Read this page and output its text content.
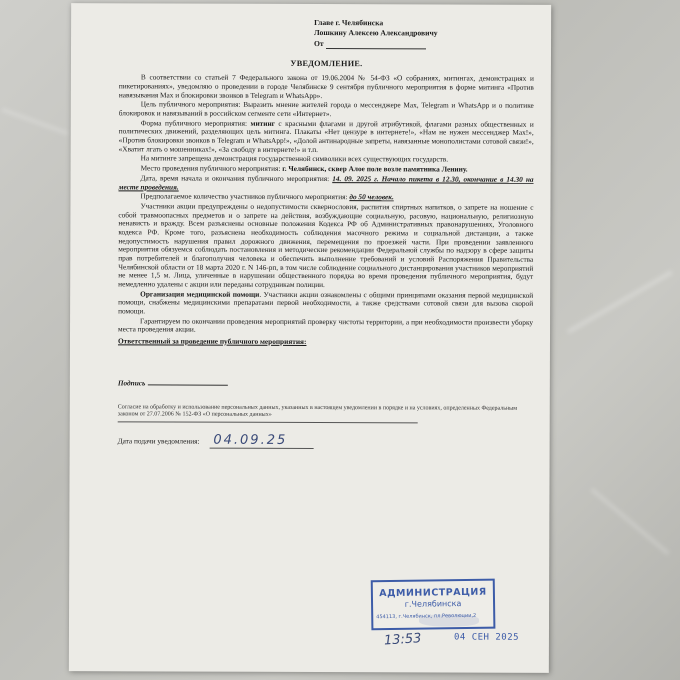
Главе г. Челябинска
Лошкину Алексею Александровичу
От
УВЕДОМЛЕНИЕ.

В соответствии со статьей 7 Федерального закона от 19.06.2004 № 54-ФЗ «О собраниях, митингах, демонстрациях и пикетированиях», уведомляю о проведении в городе Челябинске 9 сентября публичного мероприятия в форме митинга «Против навязывания Max и блокировки звонков в Telegram и WhatsApp».

Цель публичного мероприятия: Выразить мнение жителей города о мессенджере Max, Telegram и WhatsApp и о политике блокировок и навязываний в российском сегменте сети «Интернет».

Форма публичного мероприятия: митинг с красными флагами и другой атрибутикой, флагами разных общественных и политических движений, разделяющих цель митинга. Плакаты «Нет цензуре в интернете!», «Нам не нужен мессенджер Max!», «Против блокировки звонков в Telegram и WhatsApp!», «Долой антинародные запреты, навязанные монополистами сотовой связи!», «Хватит лгать о мошенниках!», «За свободу в интернете!» и т.п.

На митинге запрещена демонстрация государственной символики всех существующих государств.

Место проведения публичного мероприятия: г. Челябинск, сквер Алое поле возле памятника Ленину.

Дата, время начала и окончания публичного мероприятия: 14. 09. 2025 г. Начало пикета в 12.30, окончание в 14.30 на месте проведения.

Предполагаемое количество участников публичного мероприятия: до 50 человек.

Участники акции предупреждены о недопустимости сквернословия, распития спиртных напитков, о запрете на ношение с собой травмоопасных предметов и о запрете на действия, возбуждающие социальную, расовую, национальную, религиозную ненависть и вражду. Всем разъяснены основные положения Кодекса РФ об Административных правонарушениях, Уголовного кодекса РФ. Кроме того, разъяснена необходимость соблюдения масочного режима и социальной дистанции, а также недопустимость нарушения правил дорожного движения, перемещения по проезжей части. При проведении заявленного мероприятия обязуемся соблюдать постановления и методические рекомендации Федеральной службы по надзору в сфере защиты прав потребителей и благополучия человека и обеспечить выполнение требований и условий Распоряжения Правительства Челябинской области от 18 марта 2020 г. N 146-рп, в том числе соблюдение социального дистанцирования участников мероприятий не менее 1,5 м. Лица, уличенные в нарушении общественного порядка во время проведения публичного мероприятия, будут немедленно удалены с акции или переданы сотрудникам полиции.

Организация медицинской помощи. Участники акции ознакомлены с общими принципами оказания первой медицинской помощи, снабжены медицинскими препаратами первой необходимости, а также средствами сотовой связи для вызова скорой помощи.

Гарантируем по окончании проведения мероприятий проверку чистоты территории, а при необходимости произвести уборку места проведения акции.

Ответственный за проведение публичного мероприятия:
Подпись
Согласие на обработку и использование персональных данных, указанных в настоящем уведомлении в порядке и на условиях, определенных Федеральным законом от 27.07.2006 № 152-ФЗ «О персональных данных»
Дата подачи уведомления: 04.09.25
АДМИНИСТРАЦИЯ
г.Челябинска
454113, г.Челябинск, пл.Революции,2
13:53	04 СЕН 2025
